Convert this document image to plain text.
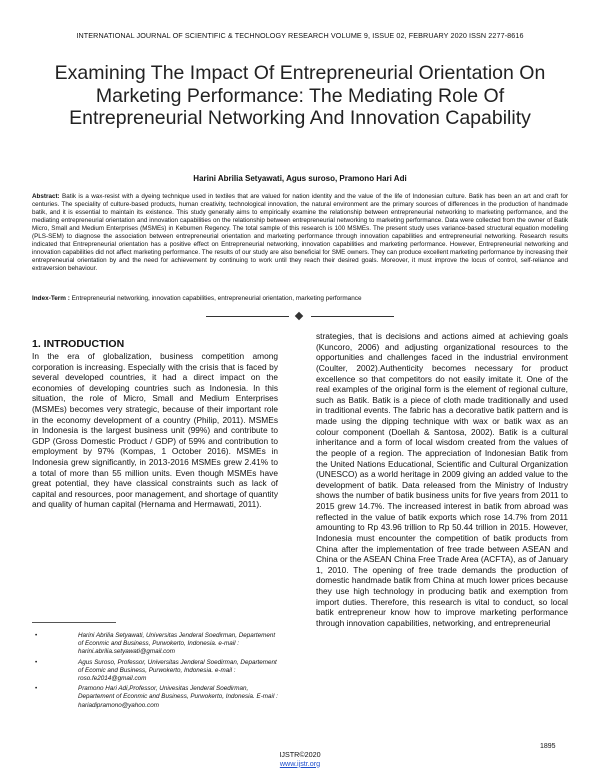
INTERNATIONAL JOURNAL OF SCIENTIFIC & TECHNOLOGY RESEARCH VOLUME 9, ISSUE 02, FEBRUARY 2020 ISSN 2277-8616
Examining The Impact Of Entrepreneurial Orientation On Marketing Performance: The Mediating Role Of Entrepreneurial Networking And Innovation Capability
Harini Abrilia Setyawati, Agus suroso, Pramono Hari Adi
Abstract: Batik is a wax-resist with a dyeing technique used in textiles that are valued for nation identity and the value of the life of Indonesian culture. Batik has been an art and craft for centuries. The speciality of culture-based products, human creativity, technological innovation, the natural environment are the primary sources of differences in the production of handmade batik, and it is essential to maintain its existence. This study generally aims to empirically examine the relationship between entrepreneurial networking to marketing performance, and the mediating entrepreneurial orientation and innovation capabilities on the relationship between entrepreneurial networking to marketing performance. Data were collected from the owner of Batik Micro, Small and Medium Enterprises (MSMEs) in Kebumen Regency. The total sample of this research is 100 MSMEs. The present study uses variance-based structural equation modelling (PLS-SEM) to diagnose the association between entrepreneurial orientation and marketing performance through innovation capabilities and entrepreneurial networking. Research results indicated that Entrepreneurial orientation has a positive effect on Entrepreneurial networking, innovation capabilities and marketing performance. However, Entrepreneurial networking and innovation capabilities did not affect marketing performance. The results of our study are also beneficial for SME owners. They can produce excellent marketing performance by increasing their entrepreneurial orientation by and the need for achievement by continuing to work until they reach their desired goals. Moreover, it must improve the locus of control, self-reliance and extraversion behaviour.
Index-Term : Entrepreneurial networking, innovation capabilities, entrepreneurial orientation, marketing performance
1. INTRODUCTION
In the era of globalization, business competition among corporation is increasing. Especially with the crisis that is faced by several developed countries, it had a direct impact on the economies of developing countries such as Indonesia. In this situation, the role of Micro, Small and Medium Enterprises (MSMEs) becomes very strategic, because of their important role in the economy development of a country (Philip, 2011). MSMEs in Indonesia is the largest business unit (99%) and contribute to GDP (Gross Domestic Product / GDP) of 59% and contribution to employment by 97% (Kompas, 1 October 2016). MSMEs in Indonesia grew significantly, in 2013-2016 MSMEs grew 2.41% to a total of more than 55 million units. Even though MSMEs have great potential, they have classical constraints such as lack of capital and resources, poor management, and shortage of quantity and quality of human capital (Hernama and Hermawati, 2011).
strategies, that is decisions and actions aimed at achieving goals (Kuncoro, 2006) and adjusting organizational resources to the opportunities and challenges faced in the industrial environment (Coulter, 2002).Authenticity becomes necessary for product excellence so that competitors do not easily imitate it. One of the real examples of the original form is the element of regional culture, such as Batik. Batik is a piece of cloth made traditionally and used in traditional events. The fabric has a decorative batik pattern and is made using the dipping technique with wax or batik wax as an colour component (Doellah & Santosa, 2002). Batik is a cultural inheritance and a form of local wisdom created from the values of the people of a region. The appreciation of Indonesian Batik from the United Nations Educational, Scientific and Cultural Organization (UNESCO) as a world heritage in 2009 giving an added value to the development of batik. Data released from the Ministry of Industry shows the number of batik business units for five years from 2011 to 2015 grew 14.7%. The increased interest in batik from abroad was reflected in the value of batik exports which rose 14.7% from 2011 amounting to Rp 43.96 trillion to Rp 50.44 trillion in 2015. However, Indonesia must encounter the competition of batik products from China after the implementation of free trade between ASEAN and China or the ASEAN China Free Trade Area (ACFTA), as of January 1, 2010. The opening of free trade demands the production of domestic handmade batik from China at much lower prices because they use high technology in producing batik and exemption from import duties. Therefore, this research is vital to conduct, so local batik entrepreneur know how to improve marketing performance through innovation capabilities, networking, and entrepreneurial
•	Harini Abrilia Setyawati, Universitas Jenderal Soedirman, Departement of Econmic and Business, Purwokerto, Indonesia. e-mail : harini.abrilia.setyawati@gmail.com
•	Agus Suroso, Professor, Universitas Jenderal Soedirman, Departement of Ecomic and Business, Purwokerto, Indonesia. e-mail : roso.fe2014@gmail.com
•	Pramono Hari Adi,Professor, Univesitas Jenderal Soedirman, Departement of Econmic and Business, Purwokerto, Indonesia. E-mail : hariadipramono@yahoo.com
1895
IJSTR©2020
www.ijstr.org
